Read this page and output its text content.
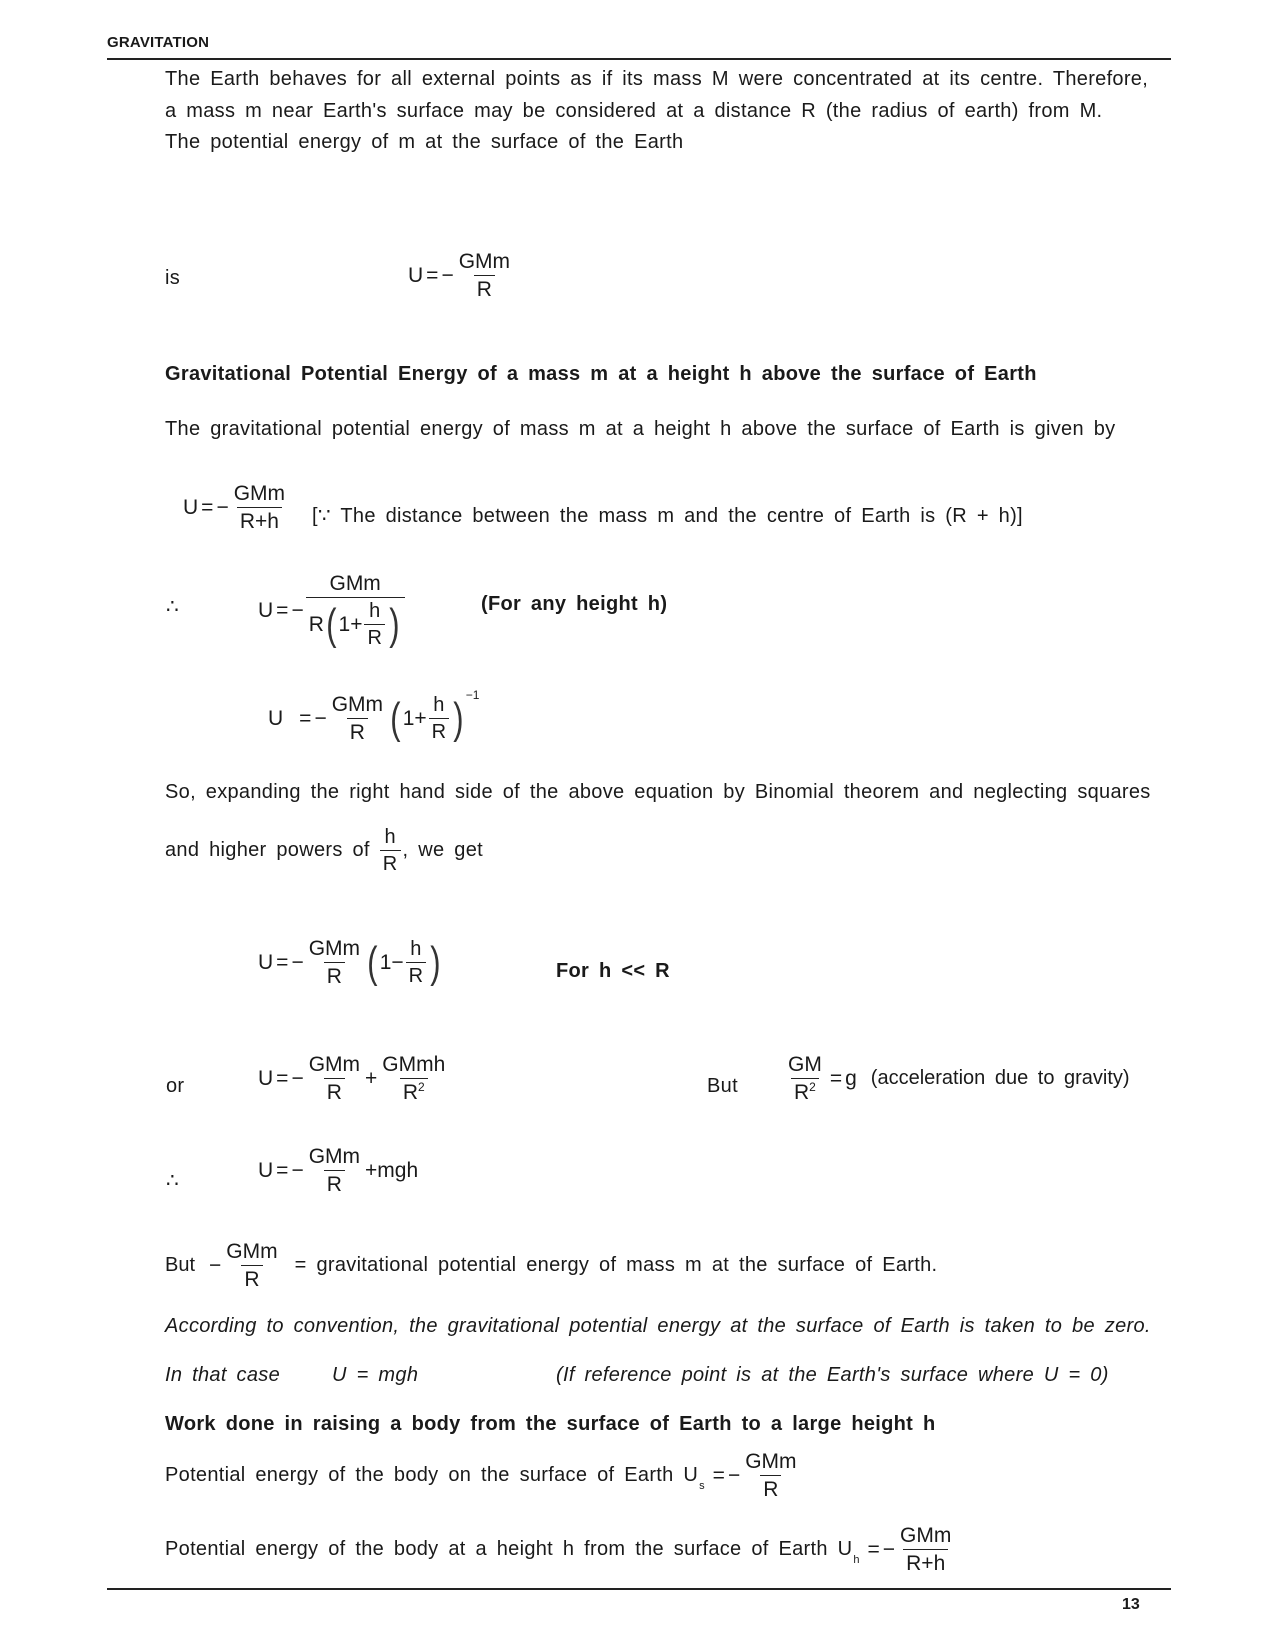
GRAVITATION
The Earth behaves for all external points as if its mass M were concentrated at its centre. Therefore,
a mass m near Earth's surface may be considered at a distance R (the radius of earth) from M.
The potential energy of m at the surface of the Earth
is	U = − $\frac{\text{GMm}}{R}$
Gravitational Potential Energy of a mass m at a height h above the surface of Earth
The gravitational potential energy of mass m at a height h above the surface of Earth is given by
U = − $\frac{\text{GMm}}{R+h}$ [∵ The distance between the mass m and the centre of Earth is (R + h)]
∴	U = − $\frac{\text{GMm}}{R ( 1+ \frac{h}{R} )}$	(For any height h)
U = − $\frac{\text{GMm}}{R}$ ( $1+ \frac{h}{R} )^{-1}$
So, expanding the right hand side of the above equation by Binomial theorem and neglecting squares
and higher powers of $\frac{h}{R}$ , we get
U = − $\frac{\text{GMm}}{R}$ ( $1- \frac{h}{R}$ )	For h << R
or	U = − $\frac{\text{GMm}}{R} + \frac{\text{GMmh}}{R^2}$	But $\frac{GM}{R^2} = g$ (acceleration due to gravity)
∴	U = − $\frac{\text{GMm}}{R} +mgh$
But − $\frac{\text{GMm}}{R}$ = gravitational potential energy of mass m at the surface of Earth.
According to convention, the gravitational potential energy at the surface of Earth is taken to be zero.
In that case	U = mgh	(If reference point is at the Earth's surface where U = 0)
Work done in raising a body from the surface of Earth to a large height h
Potential energy of the body on the surface of Earth U s = − $\frac{\text{GMm}}{R}$
Potential energy of the body at a height h from the surface of Earth U h = − $\frac{\text{GMm}}{R+h}$
13
